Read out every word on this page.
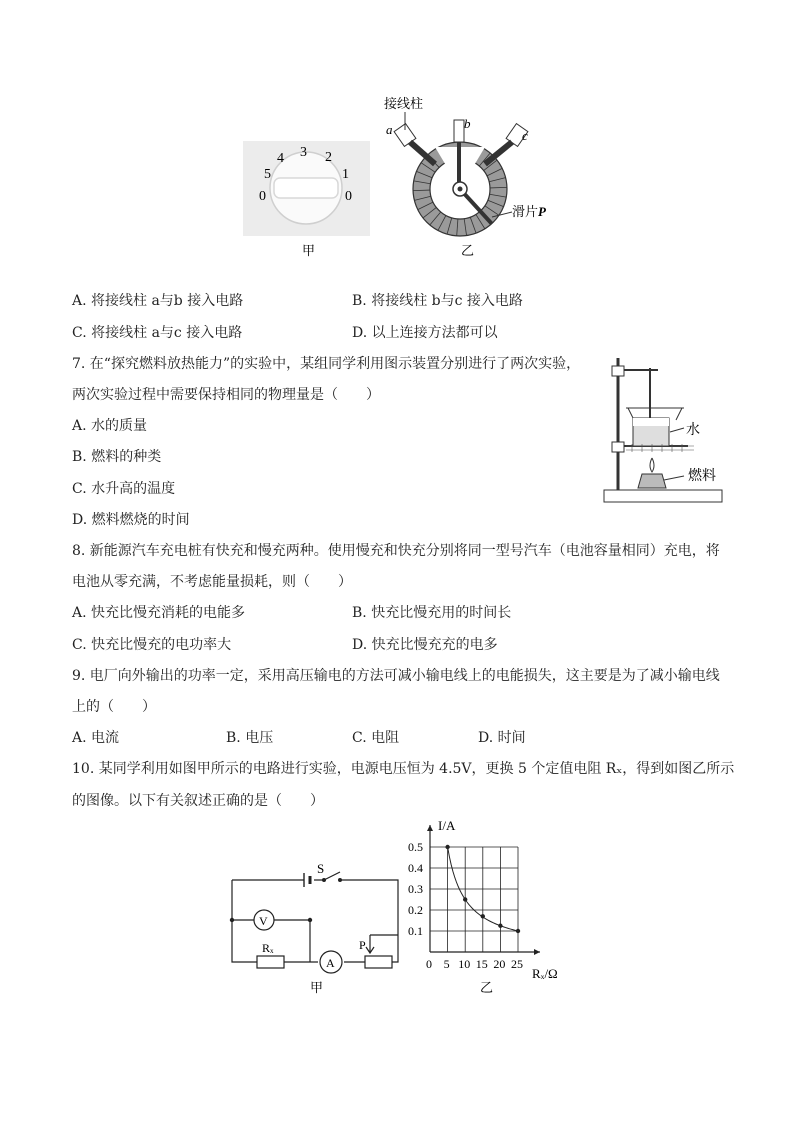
3
4	2
5	1
0	0
接线柱
a	b
c
滑片 P
甲	乙
A. 将接线柱 a与b 接入电路	B. 将接线柱 b与c 接入电路
C. 将接线柱 a与c 接入电路	D. 以上连接方法都可以
7. 在“探究燃料放热能力”的实验中，某组同学利用图示装置分别进行了两次实验，
两次实验过程中需要保持相同的物理量是（　　）
A. 水的质量
B. 燃料的种类
C. 水升高的温度
D. 燃料燃烧的时间
水
燃料
8. 新能源汽车充电桩有快充和慢充两种。使用慢充和快充分别将同一型号汽车（电池容量相同）充电，将
电池从零充满，不考虑能量损耗，则（　　）
A. 快充比慢充消耗的电能多	B. 快充比慢充用的时间长
C. 快充比慢充的电功率大	D. 快充比慢充充的电多
9. 电厂向外输出的功率一定，采用高压输电的方法可减小输电线上的电能损失，这主要是为了减小输电线
上的（　　）
A. 电流	B. 电压	C. 电阻	D. 时间
10. 某同学利用如图甲所示的电路进行实验，电源电压恒为 4.5V，更换 5 个定值电阻 Rₓ，得到如图乙所示
的图像。以下有关叙述正确的是（　　）
S
V
A
Rₓ	P
甲
0 5 10 15 20 25
0.1
0.2
0.3
0.4
0.5
I/A
Rₓ/Ω
乙
